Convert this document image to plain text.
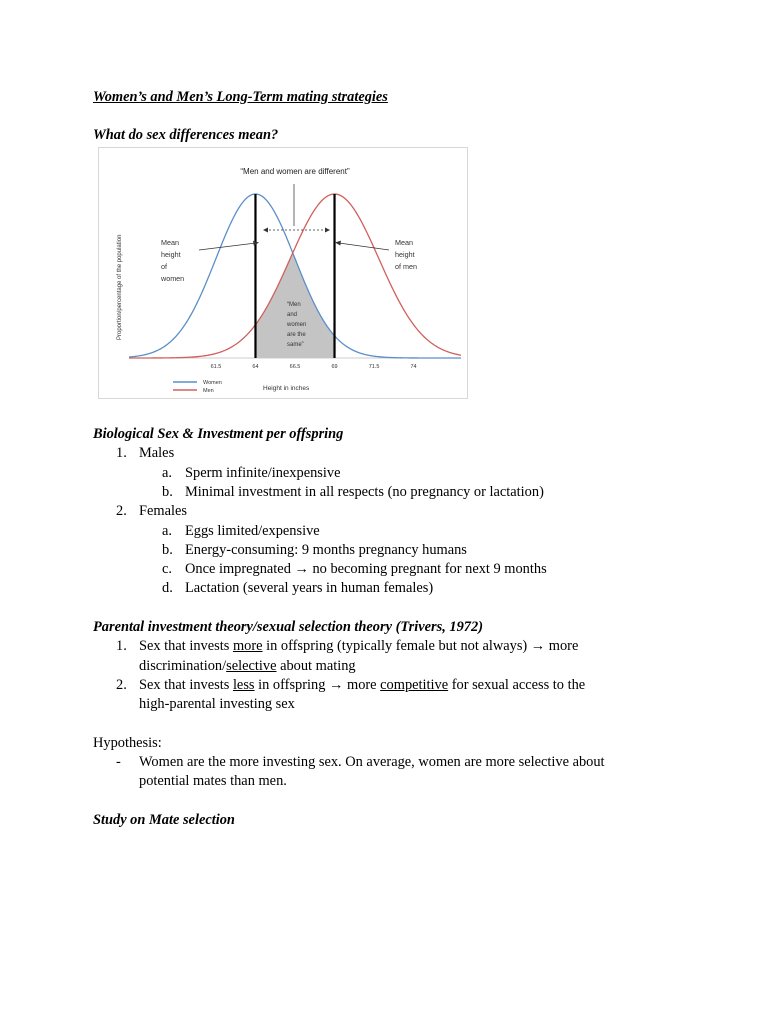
Women’s and Men’s Long-Term mating strategies
What do sex differences mean?
“Men and women are different”
Proportion/percentage of the population
61.5	64	66.5	69	71.5	74
Mean height of women
Mean height of men
“Men and women are the same”
Women
Men	Height in inches
Biological Sex & Investment per offspring
1. Males
a. Sperm infinite/inexpensive
b. Minimal investment in all respects (no pregnancy or lactation)
2. Females
a. Eggs limited/expensive
b. Energy-consuming: 9 months pregnancy humans
c. Once impregnated → no becoming pregnant for next 9 months
d. Lactation (several years in human females)
Parental investment theory/sexual selection theory (Trivers, 1972)
1. Sex that invests more in offspring (typically female but not always) → more
discrimination/selective about mating
2. Sex that invests less in offspring → more competitive for sexual access to the
high-parental investing sex
Hypothesis:
- Women are the more investing sex. On average, women are more selective about
potential mates than men.
Study on Mate selection
